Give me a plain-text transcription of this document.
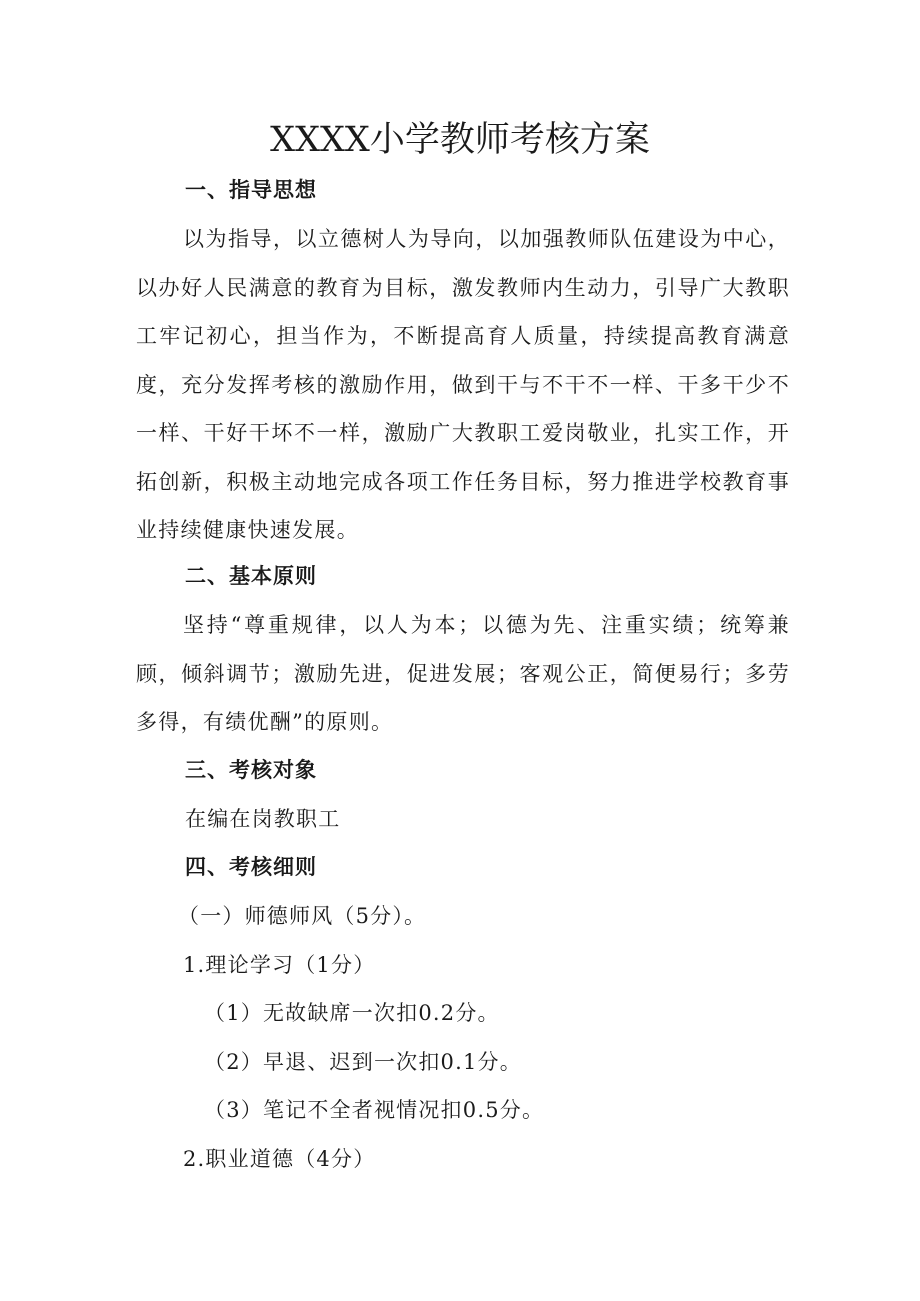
XXXX小学教师考核方案
一、指导思想

以为指导，以立德树人为导向，以加强教师队伍建设为中心，以办好人民满意的教育为目标，激发教师内生动力，引导广大教职工牢记初心，担当作为，不断提高育人质量，持续提高教育满意度，充分发挥考核的激励作用，做到干与不干不一样、干多干少不一样、干好干坏不一样，激励广大教职工爱岗敬业，扎实工作，开拓创新，积极主动地完成各项工作任务目标，努力推进学校教育事业持续健康快速发展。

二、基本原则

坚持“尊重规律，以人为本；以德为先、注重实绩；统筹兼顾，倾斜调节；激励先进，促进发展；客观公正，简便易行；多劳多得，有绩优酬”的原则。

三、考核对象
在编在岗教职工
四、考核细则
（一）师德师风（5分）。
1.理论学习（1分）
（1）无故缺席一次扣0.2分。
（2）早退、迟到一次扣0.1分。
（3）笔记不全者视情况扣0.5分。
2.职业道德（4分）
